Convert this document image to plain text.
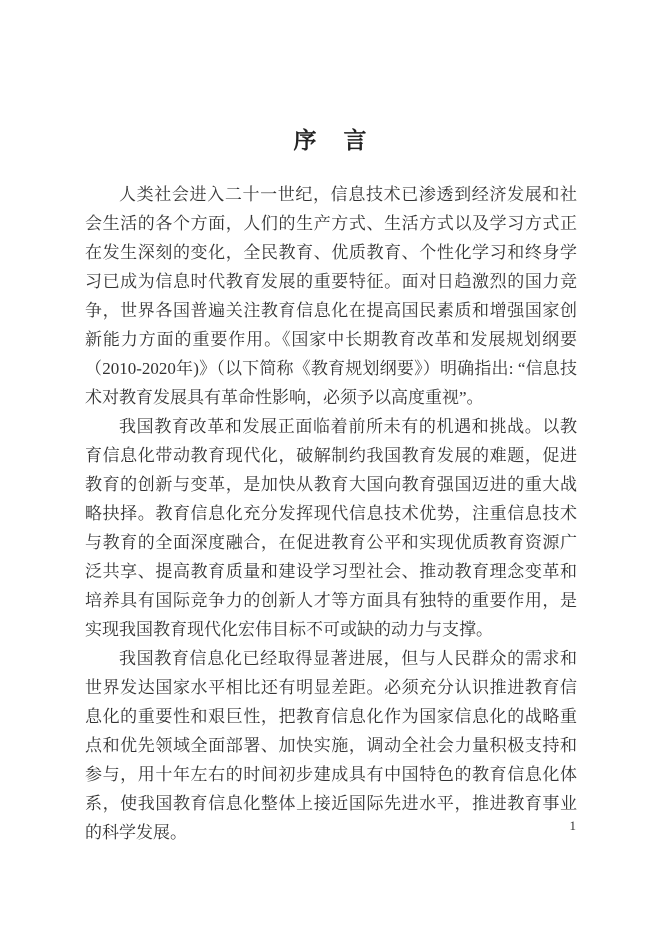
序　言

人类社会进入二十一世纪，信息技术已渗透到经济发展和社会生活的各个方面，人们的生产方式、生活方式以及学习方式正在发生深刻的变化，全民教育、优质教育、个性化学习和终身学习已成为信息时代教育发展的重要特征。面对日趋激烈的国力竞争，世界各国普遍关注教育信息化在提高国民素质和增强国家创新能力方面的重要作用。《国家中长期教育改革和发展规划纲要（2010-2020年)》（以下简称《教育规划纲要》）明确指出: “信息技术对教育发展具有革命性影响，必须予以高度重视”。

我国教育改革和发展正面临着前所未有的机遇和挑战。以教育信息化带动教育现代化，破解制约我国教育发展的难题，促进教育的创新与变革，是加快从教育大国向教育强国迈进的重大战略抉择。教育信息化充分发挥现代信息技术优势，注重信息技术与教育的全面深度融合，在促进教育公平和实现优质教育资源广泛共享、提高教育质量和建设学习型社会、推动教育理念变革和培养具有国际竞争力的创新人才等方面具有独特的重要作用，是实现我国教育现代化宏伟目标不可或缺的动力与支撑。

我国教育信息化已经取得显著进展，但与人民群众的需求和世界发达国家水平相比还有明显差距。必须充分认识推进教育信息化的重要性和艰巨性，把教育信息化作为国家信息化的战略重点和优先领域全面部署、加快实施，调动全社会力量积极支持和参与，用十年左右的时间初步建成具有中国特色的教育信息化体系，使我国教育信息化整体上接近国际先进水平，推进教育事业的科学发展。	1
